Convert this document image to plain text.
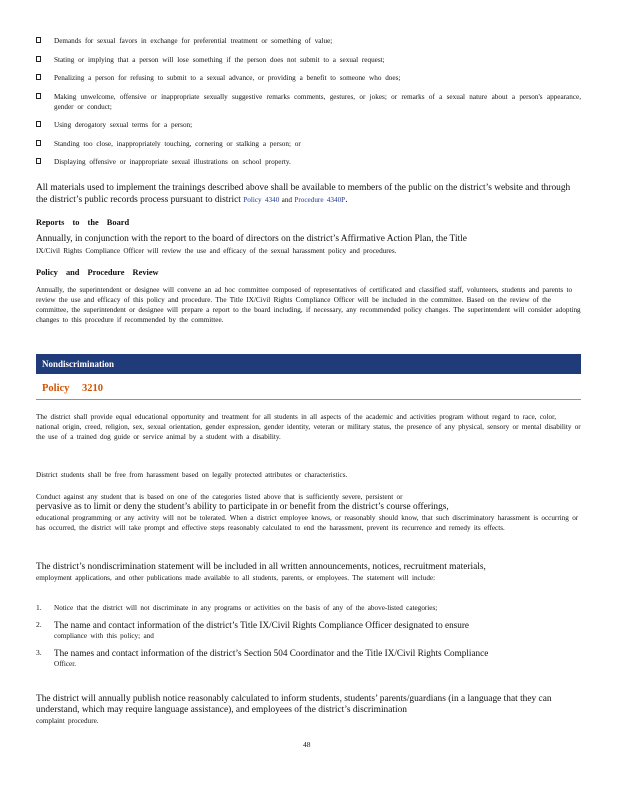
Demands for sexual favors in exchange for preferential treatment or something of value;
Stating or implying that a person will lose something if the person does not submit to a sexual request;
Penalizing a person for refusing to submit to a sexual advance, or providing a benefit to someone who does;
Making unwelcome, offensive or inappropriate sexually suggestive remarks comments, gestures, or jokes; or remarks of a sexual nature about a person's appearance, gender or conduct;
Using derogatory sexual terms for a person;
Standing too close, inappropriately touching, cornering or stalking a person; or
Displaying offensive or inappropriate sexual illustrations on school property.
All materials used to implement the trainings described above shall be available to members of the public on the district’s website and through the district’s public records process pursuant to district Policy 4340 and Procedure 4340P.
Reports to the Board
Annually, in conjunction with the report to the board of directors on the district’s Affirmative Action Plan, the Title
IX/Civil Rights Compliance Officer will review the use and efficacy of the sexual harassment policy and procedures.
Policy and Procedure Review
Annually, the superintendent or designee will convene an ad hoc committee composed of representatives of certificated and classified staff, volunteers, students and parents to review the use and efficacy of this policy and procedure. The Title IX/Civil Rights Compliance Officer will be included in the committee. Based on the review of the committee, the superintendent or designee will prepare a report to the board including, if necessary, any recommended policy changes. The superintendent will consider adopting changes to this procedure if recommended by the committee.
Nondiscrimination
Policy 3210
The district shall provide equal educational opportunity and treatment for all students in all aspects of the academic and activities program without regard to race, color, national origin, creed, religion, sex, sexual orientation, gender expression, gender identity, veteran or military status, the presence of any physical, sensory or mental disability or the use of a trained dog guide or service animal by a student with a disability.
District students shall be free from harassment based on legally protected attributes or characteristics.
Conduct against any student that is based on one of the categories listed above that is sufficiently severe, persistent or
pervasive as to limit or deny the student’s ability to participate in or benefit from the district’s course offerings,
educational programming or any activity will not be tolerated. When a district employee knows, or reasonably should know, that such discriminatory harassment is occurring or has occurred, the district will take prompt and effective steps reasonably calculated to end the harassment, prevent its recurrence and remedy its effects.
The district’s nondiscrimination statement will be included in all written announcements, notices, recruitment materials,
employment applications, and other publications made available to all students, parents, or employees. The statement will include:
1. Notice that the district will not discriminate in any programs or activities on the basis of any of the above-listed categories;
2. The name and contact information of the district’s Title IX/Civil Rights Compliance Officer designated to ensure
compliance with this policy; and
3. The names and contact information of the district’s Section 504 Coordinator and the Title IX/Civil Rights Compliance
Officer.
The district will annually publish notice reasonably calculated to inform students, students’ parents/guardians (in a language that they can understand, which may require language assistance), and employees of the district’s discrimination
complaint procedure.
48
